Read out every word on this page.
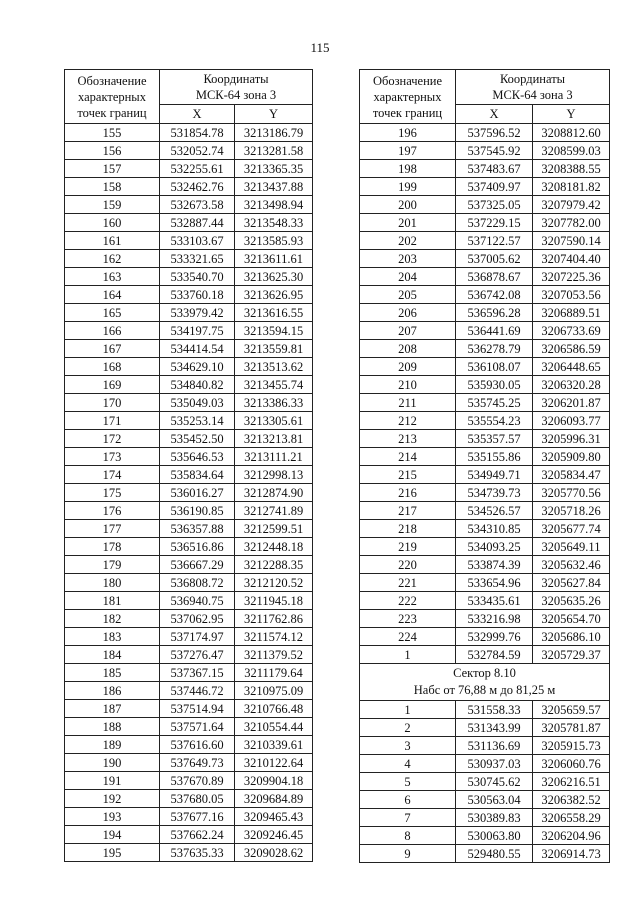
115
Обозначение характерных точек границ	Координаты
МСК-64 зона 3	
	X	Y
155	531854.78	3213186.79
156	532052.74	3213281.58
157	532255.61	3213365.35
158	532462.76	3213437.88
159	532673.58	3213498.94
160	532887.44	3213548.33
161	533103.67	3213585.93
162	533321.65	3213611.61
163	533540.70	3213625.30
164	533760.18	3213626.95
165	533979.42	3213616.55
166	534197.75	3213594.15
167	534414.54	3213559.81
168	534629.10	3213513.62
169	534840.82	3213455.74
170	535049.03	3213386.33
171	535253.14	3213305.61
172	535452.50	3213213.81
173	535646.53	3213111.21
174	535834.64	3212998.13
175	536016.27	3212874.90
176	536190.85	3212741.89
177	536357.88	3212599.51
178	536516.86	3212448.18
179	536667.29	3212288.35
180	536808.72	3212120.52
181	536940.75	3211945.18
182	537062.95	3211762.86
183	537174.97	3211574.12
184	537276.47	3211379.52
185	537367.15	3211179.64
186	537446.72	3210975.09
187	537514.94	3210766.48
188	537571.64	3210554.44
189	537616.60	3210339.61
190	537649.73	3210122.64
191	537670.89	3209904.18
192	537680.05	3209684.89
193	537677.16	3209465.43
194	537662.24	3209246.45
195	537635.33	3209028.62
Обозначение характерных точек границ	Координаты
МСК-64 зона 3	
	X	Y
196	537596.52	3208812.60
197	537545.92	3208599.03
198	537483.67	3208388.55
199	537409.97	3208181.82
200	537325.05	3207979.42
201	537229.15	3207782.00
202	537122.57	3207590.14
203	537005.62	3207404.40
204	536878.67	3207225.36
205	536742.08	3207053.56
206	536596.28	3206889.51
207	536441.69	3206733.69
208	536278.79	3206586.59
209	536108.07	3206448.65
210	535930.05	3206320.28
211	535745.25	3206201.87
212	535554.23	3206093.77
213	535357.57	3205996.31
214	535155.86	3205909.80
215	534949.71	3205834.47
216	534739.73	3205770.56
217	534526.57	3205718.26
218	534310.85	3205677.74
219	534093.25	3205649.11
220	533874.39	3205632.46
221	533654.96	3205627.84
222	533435.61	3205635.26
223	533216.98	3205654.70
224	532999.76	3205686.10
1	532784.59	3205729.37
Сектор 8.10
Набс от 76,88 м до 81,25 м		
1	531558.33	3205659.57
2	531343.99	3205781.87
3	531136.69	3205915.73
4	530937.03	3206060.76
5	530745.62	3206216.51
6	530563.04	3206382.52
7	530389.83	3206558.29
8	530063.80	3206204.96
9	529480.55	3206914.73
